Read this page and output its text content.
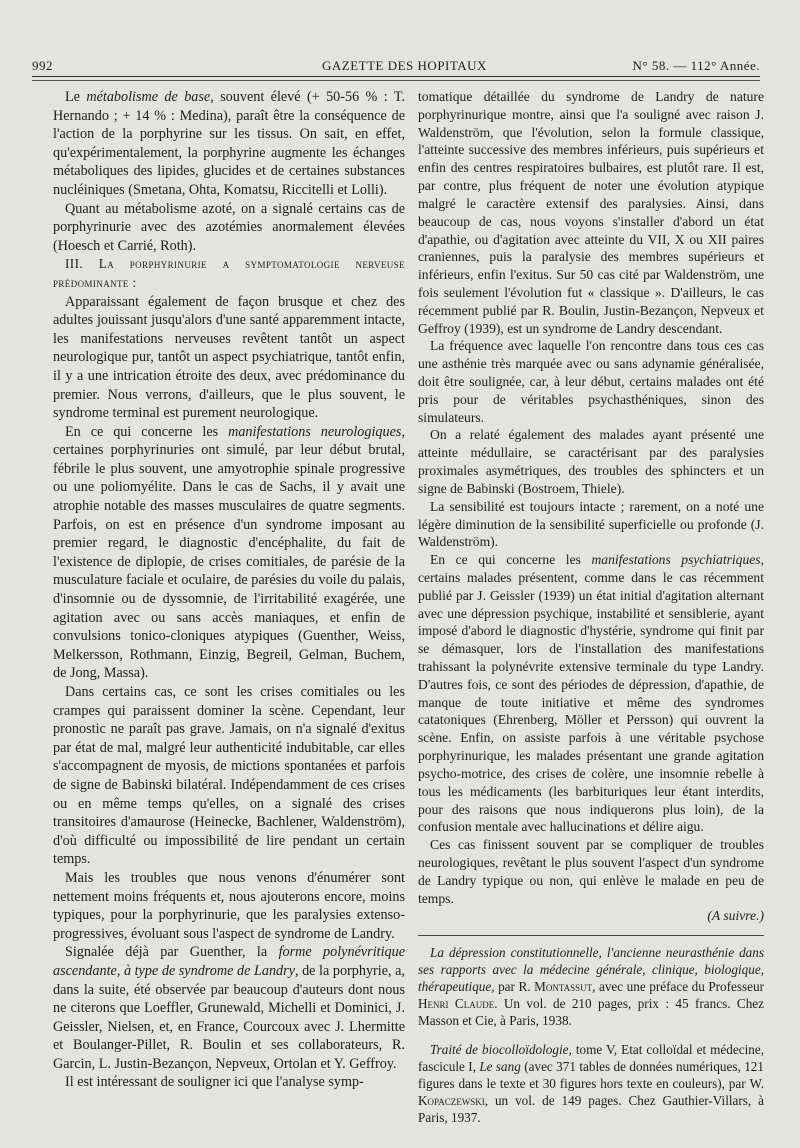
992	GAZETTE DES HOPITAUX	N° 58. — 112° Année.

Le métabolisme de base, souvent élevé (+ 50-56 % : T. Hernando ; + 14 % : Medina), paraît être la conséquence de l'action de la porphyrine sur les tissus. On sait, en effet, qu'expérimentalement, la porphyrine augmente les échanges métaboliques des lipides, glucides et de certaines substances nucléiniques (Smetana, Ohta, Komatsu, Riccitelli et Lolli).

Quant au métabolisme azoté, on a signalé certains cas de porphyrinurie avec des azotémies anormalement élevées (Hoesch et Carrié, Roth).

III. La porphyrinurie a symptomatologie nerveuse prédominante :

Apparaissant également de façon brusque et chez des adultes jouissant jusqu'alors d'une santé apparemment intacte, les manifestations nerveuses revêtent tantôt un aspect neurologique pur, tantôt un aspect psychiatrique, tantôt enfin, il y a une intrication étroite des deux, avec prédominance du premier. Nous verrons, d'ailleurs, que le plus souvent, le syndrome terminal est purement neurologique.

En ce qui concerne les manifestations neurologiques, certaines porphyrinuries ont simulé, par leur début brutal, fébrile le plus souvent, une amyotrophie spinale progressive ou une poliomyélite. Dans le cas de Sachs, il y avait une atrophie notable des masses musculaires de quatre segments. Parfois, on est en présence d'un syndrome imposant au premier regard, le diagnostic d'encéphalite, du fait de l'existence de diplopie, de crises comitiales, de parésie de la musculature faciale et oculaire, de parésies du voile du palais, d'insomnie ou de dyssomnie, de l'irritabilité exagérée, une agitation avec ou sans accès maniaques, et enfin de convulsions tonico-cloniques atypiques (Guenther, Weiss, Melkersson, Rothmann, Einzig, Begreil, Gelman, Buchem, de Jong, Massa).

Dans certains cas, ce sont les crises comitiales ou les crampes qui paraissent dominer la scène. Cependant, leur pronostic ne paraît pas grave. Jamais, on n'a signalé d'exitus par état de mal, malgré leur authenticité indubitable, car elles s'accompagnent de myosis, de mictions spontanées et parfois de signe de Babinski bilatéral. Indépendamment de ces crises ou en même temps qu'elles, on a signalé des crises transitoires d'amaurose (Heinecke, Bachlener, Waldenström), d'où difficulté ou impossibilité de lire pendant un certain temps.

Mais les troubles que nous venons d'énumérer sont nettement moins fréquents et, nous ajouterons encore, moins typiques, pour la porphyrinurie, que les paralysies extenso-progressives, évoluant sous l'aspect de syndrome de Landry.

Signalée déjà par Guenther, la forme polynévritique ascendante, à type de syndrome de Landry, de la porphyrie, a, dans la suite, été observée par beaucoup d'auteurs dont nous ne citerons que Loeffler, Grunewald, Michelli et Dominici, J. Geissler, Nielsen, et, en France, Courcoux avec J. Lhermitte et Boulanger-Pillet, R. Boulin et ses collaborateurs, R. Garcin, L. Justin-Bezançon, Nepveux, Ortolan et Y. Geffroy.

Il est intéressant de souligner ici que l'analyse symp-

tomatique détaillée du syndrome de Landry de nature porphyrinurique montre, ainsi que l'a souligné avec raison J. Waldenström, que l'évolution, selon la formule classique, l'atteinte successive des membres inférieurs, puis supérieurs et enfin des centres respiratoires bulbaires, est plutôt rare. Il est, par contre, plus fréquent de noter une évolution atypique malgré le caractère extensif des paralysies. Ainsi, dans beaucoup de cas, nous voyons s'installer d'abord un état d'apathie, ou d'agitation avec atteinte du VII, X ou XII paires craniennes, puis la paralysie des membres supérieurs et inférieurs, enfin l'exitus. Sur 50 cas cité par Waldenström, une fois seulement l'évolution fut « classique ». D'ailleurs, le cas récemment publié par R. Boulin, Justin-Bezançon, Nepveux et Geffroy (1939), est un syndrome de Landry descendant.

La fréquence avec laquelle l'on rencontre dans tous ces cas une asthénie très marquée avec ou sans adynamie généralisée, doit être soulignée, car, à leur début, certains malades ont été pris pour de véritables psychasthéniques, sinon des simulateurs.

On a relaté également des malades ayant présenté une atteinte médullaire, se caractérisant par des paralysies proximales asymétriques, des troubles des sphincters et un signe de Babinski (Bostroem, Thiele).

La sensibilité est toujours intacte ; rarement, on a noté une légère diminution de la sensibilité superficielle ou profonde (J. Waldenström).

En ce qui concerne les manifestations psychiatriques, certains malades présentent, comme dans le cas récemment publié par J. Geissler (1939) un état initial d'agitation alternant avec une dépression psychique, instabilité et sensiblerie, ayant imposé d'abord le diagnostic d'hystérie, syndrome qui finit par se démasquer, lors de l'installation des manifestations trahissant la polynévrite extensive terminale du type Landry. D'autres fois, ce sont des périodes de dépression, d'apathie, de manque de toute initiative et même des syndromes catatoniques (Ehrenberg, Möller et Persson) qui ouvrent la scène. Enfin, on assiste parfois à une véritable psychose porphyrinurique, les malades présentant une grande agitation psycho-motrice, des crises de colère, une insomnie rebelle à tous les médicaments (les barbituriques leur étant interdits, pour des raisons que nous indiquerons plus loin), de la confusion mentale avec hallucinations et délire aigu.

Ces cas finissent souvent par se compliquer de troubles neurologiques, revêtant le plus souvent l'aspect d'un syndrome de Landry typique ou non, qui enlève le malade en peu de temps.

(A suivre.)

La dépression constitutionnelle, l'ancienne neurasthénie dans ses rapports avec la médecine générale, clinique, biologique, thérapeutique, par R. Montassut, avec une préface du Professeur Henri Claude. Un vol. de 210 pages, prix : 45 francs. Chez Masson et Cie, à Paris, 1938.

Traité de biocolloïdologie, tome V, Etat colloïdal et médecine, fascicule I, Le sang (avec 371 tables de données numériques, 121 figures dans le texte et 30 figures hors texte en couleurs), par W. Kopaczewski, un vol. de 149 pages. Chez Gauthier-Villars, à Paris, 1937.
